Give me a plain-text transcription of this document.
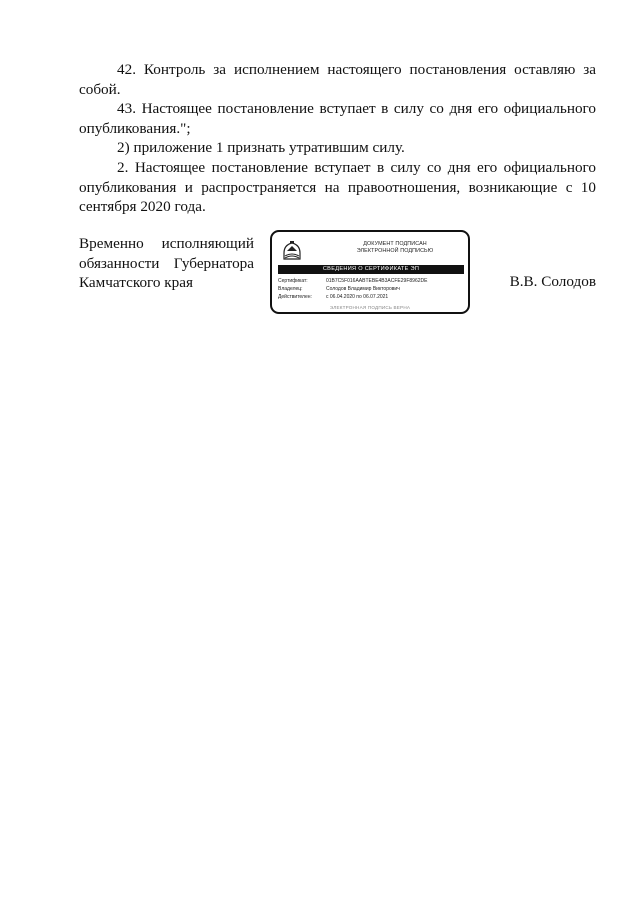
42. Контроль за исполнением настоящего постановления оставляю за собой.

43. Настоящее постановление вступает в силу со дня его официального опубликования.";

2) приложение 1 признать утратившим силу.

2. Настоящее постановление вступает в силу со дня его официального опубликования и распространяется на правоотношения, возникающие с 10 сентября 2020 года.

Временно исполняющий
обязанности Губернатора
Камчатского края
ДОКУМЕНТ ПОДПИСАН
ЭЛЕКТРОННОЙ ПОДПИСЬЮ
СВЕДЕНИЯ О СЕРТИФИКАТЕ ЭП
Сертификат:	01B7C5F016AABTEBE4B3ACFE29F8962DE
Владелец:	Солодов Владимир Викторович
Действителен:	с 06.04.2020 по 06.07.2021
ЭЛЕКТРОННАЯ ПОДПИСЬ ВЕРНА
В.В. Солодов
